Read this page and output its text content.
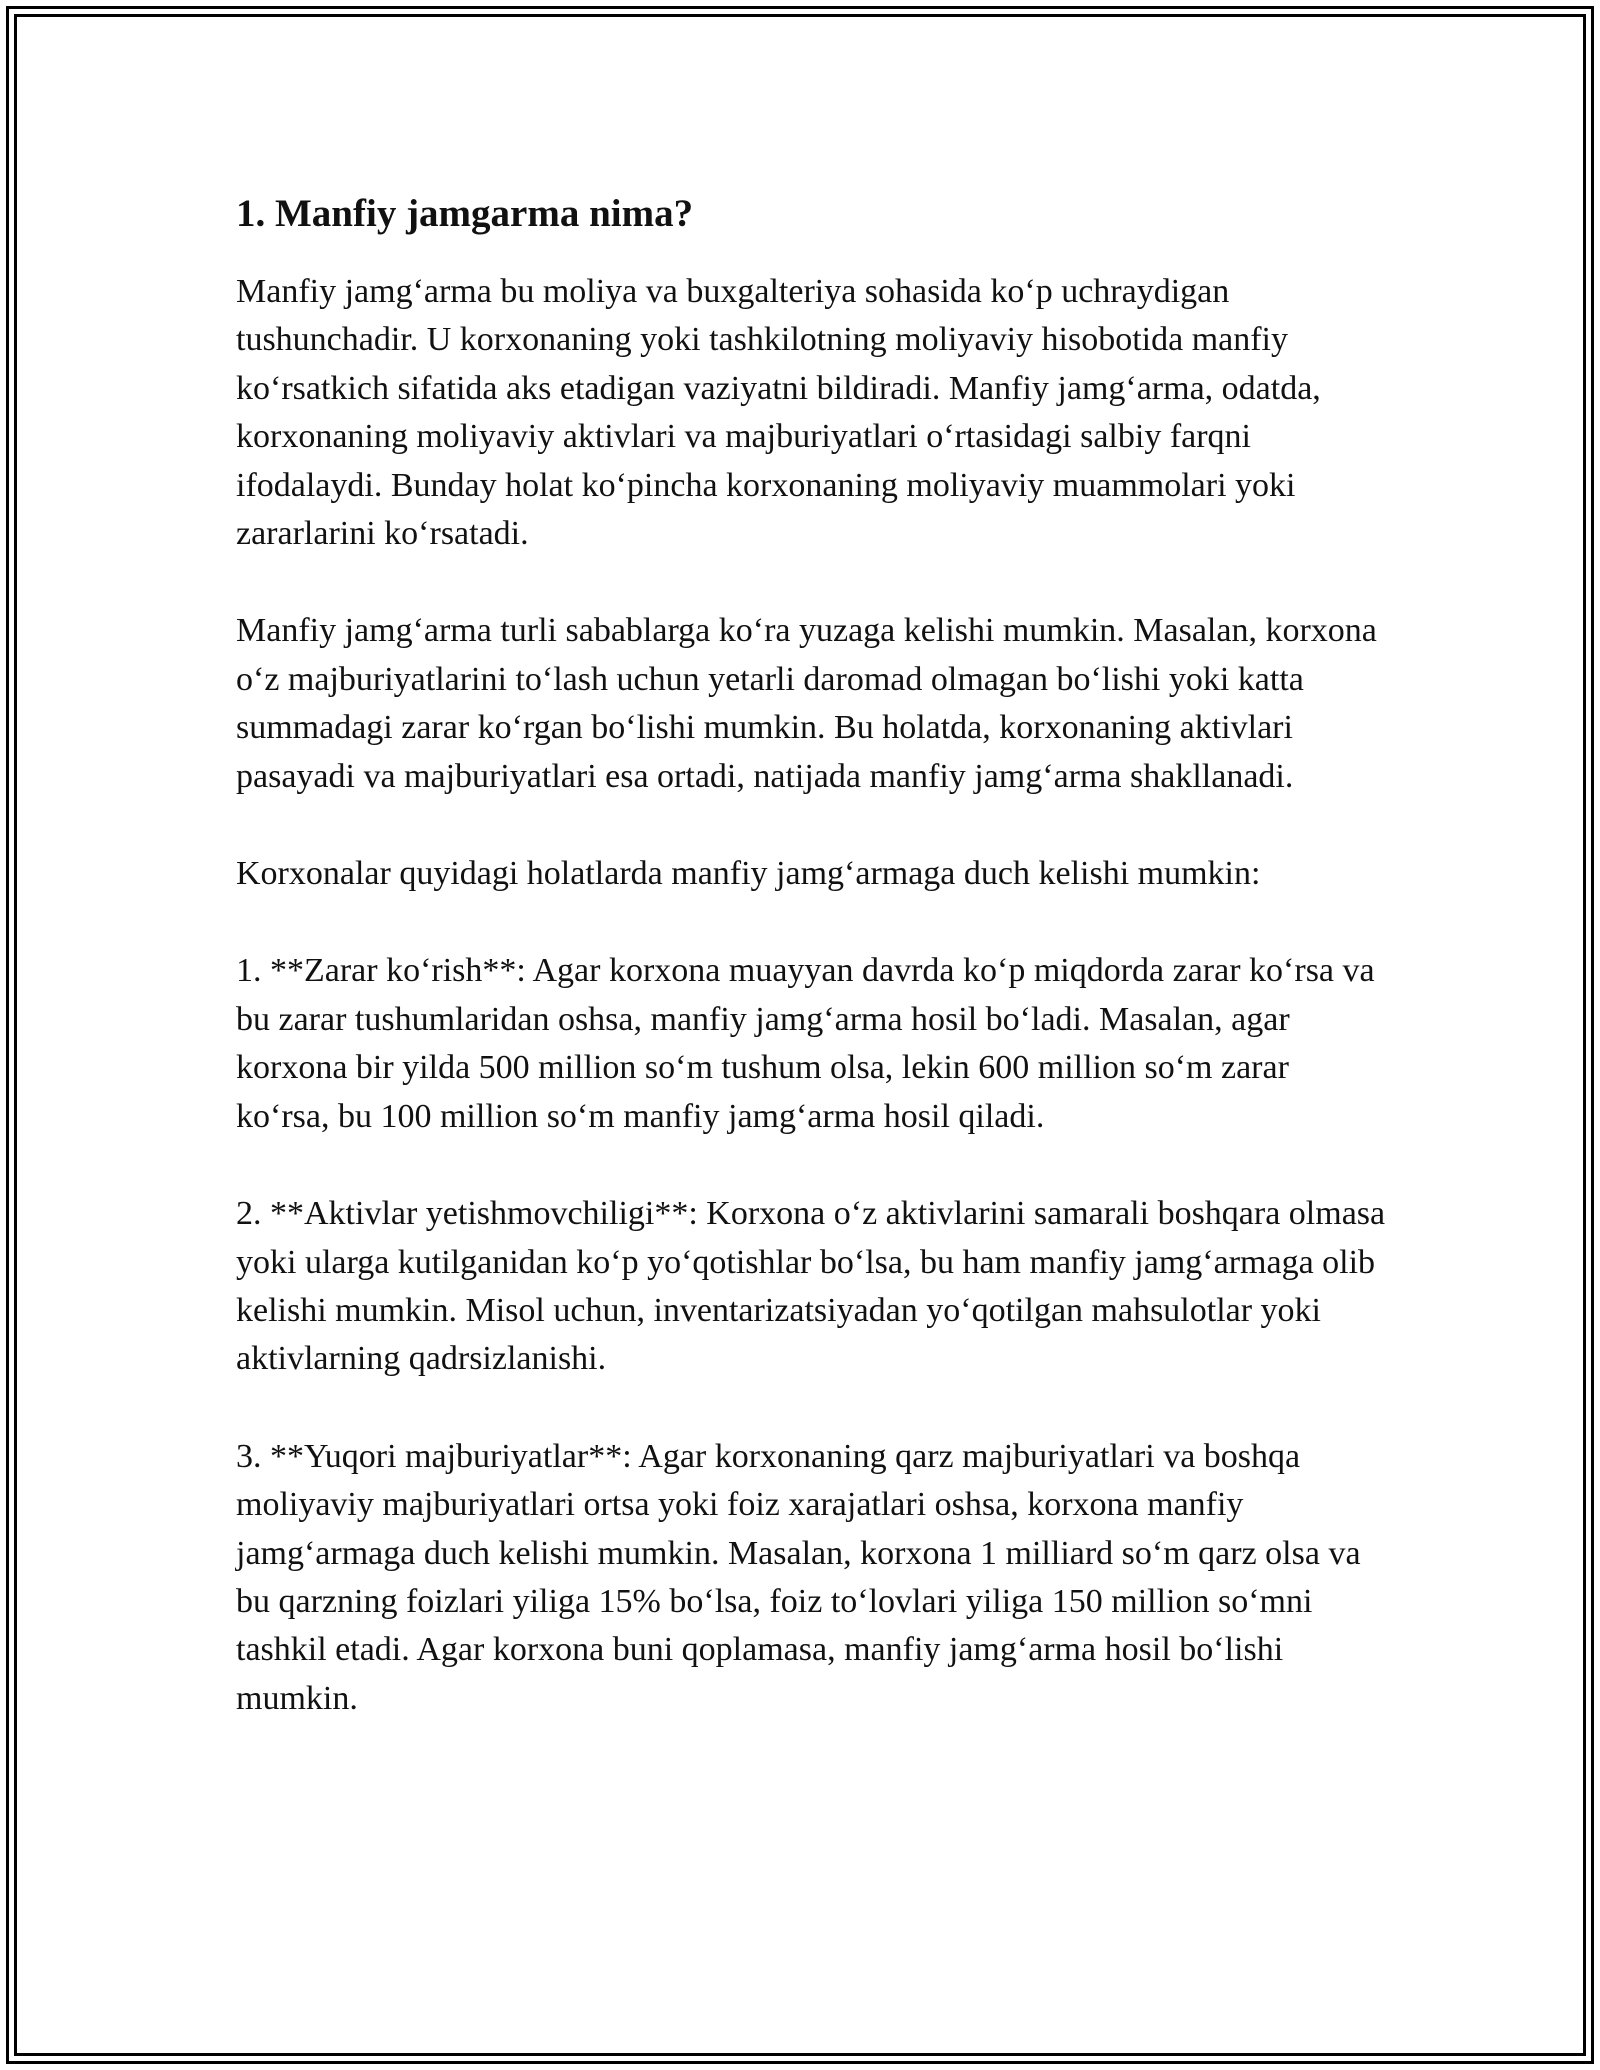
1. Manfiy jamgarma nima?

Manfiy jamg‘arma bu moliya va buxgalteriya sohasida ko‘p uchraydigan tushunchadir. U korxonaning yoki tashkilotning moliyaviy hisobotida manfiy ko‘rsatkich sifatida aks etadigan vaziyatni bildiradi. Manfiy jamg‘arma, odatda, korxonaning moliyaviy aktivlari va majburiyatlari o‘rtasidagi salbiy farqni ifodalaydi. Bunday holat ko‘pincha korxonaning moliyaviy muammolari yoki zararlarini ko‘rsatadi.

Manfiy jamg‘arma turli sabablarga ko‘ra yuzaga kelishi mumkin. Masalan, korxona o‘z majburiyatlarini to‘lash uchun yetarli daromad olmagan bo‘lishi yoki katta summadagi zarar ko‘rgan bo‘lishi mumkin. Bu holatda, korxonaning aktivlari pasayadi va majburiyatlari esa ortadi, natijada manfiy jamg‘arma shakllanadi.

Korxonalar quyidagi holatlarda manfiy jamg‘armaga duch kelishi mumkin:

1. **Zarar ko‘rish**: Agar korxona muayyan davrda ko‘p miqdorda zarar ko‘rsa va bu zarar tushumlaridan oshsa, manfiy jamg‘arma hosil bo‘ladi. Masalan, agar korxona bir yilda 500 million so‘m tushum olsa, lekin 600 million so‘m zarar ko‘rsa, bu 100 million so‘m manfiy jamg‘arma hosil qiladi.

2. **Aktivlar yetishmovchiligi**: Korxona o‘z aktivlarini samarali boshqara olmasa yoki ularga kutilganidan ko‘p yo‘qotishlar bo‘lsa, bu ham manfiy jamg‘armaga olib kelishi mumkin. Misol uchun, inventarizatsiyadan yo‘qotilgan mahsulotlar yoki aktivlarning qadrsizlanishi.

3. **Yuqori majburiyatlar**: Agar korxonaning qarz majburiyatlari va boshqa moliyaviy majburiyatlari ortsa yoki foiz xarajatlari oshsa, korxona manfiy jamg‘armaga duch kelishi mumkin. Masalan, korxona 1 milliard so‘m qarz olsa va bu qarzning foizlari yiliga 15% bo‘lsa, foiz to‘lovlari yiliga 150 million so‘mni tashkil etadi. Agar korxona buni qoplamasa, manfiy jamg‘arma hosil bo‘lishi mumkin.
